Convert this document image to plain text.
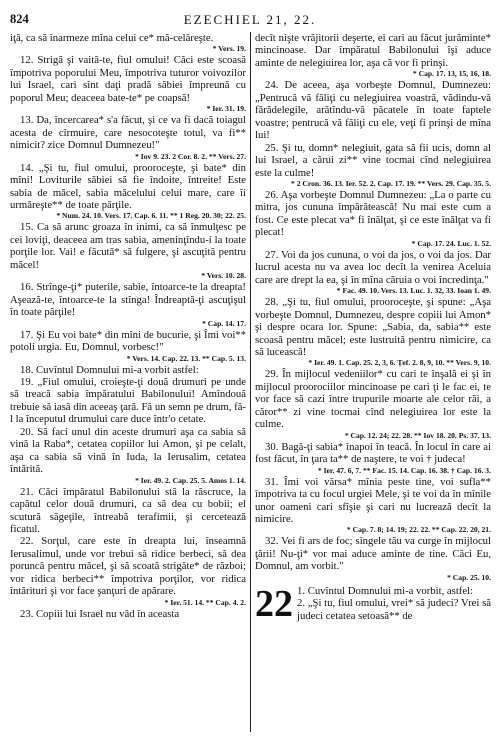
824	EZECHIEL 21, 22.

iţă, ca să înarmeze mîna celui ce* mă-celăreşte.
* Vers. 19.

12. Strigă şi vaită-te, fiul omului! Căci este scoasă împotriva poporului Meu, împotriva tuturor voivozilor lui Israel, cari sînt daţi pradă săbiei împreună cu poporul Meu; deaceea bate-te* pe coapsă!
* Ier. 31. 19.

13. Da, încercarea* s'a făcut, şi ce va fi dacă toiagul acesta de cîrmuire, care nesocoteşte totul, va fi** nimicit? zice Domnul Dumnezeu!"
* Iov 9. 23. 2 Cor. 8. 2. ** Vers. 27.

14. „Şi tu, fiul omului, prooroceşte, şi bate* din mîni! Loviturile săbiei să fie îndoite, întreite! Este sabia de măcel, sabia măcelului celui mare, care îi urmăreşte** de toate părţile.
* Num. 24. 10. Vers. 17. Cap. 6. 11. ** 1 Reg. 20. 30; 22. 25.

15. Ca să arunc groaza în inimi, ca să înmulţesc pe cei loviţi, deaceea am tras sabia, ameninţîndu-i la toate porţile lor. Vai! e făcută* să fulgere, şi ascuţită pentru măcel!
* Vers. 10. 28.

16. Strînge-ţi* puterile, sabie, întoarce-te la dreapta! Aşează-te, întoarce-te la stînga! Îndreaptă-ţi ascuţişul în toate părţile!
* Cap. 14. 17.

17. Şi Eu voi bate* din mîni de bucurie, şi Îmi voi** potoli urgia. Eu, Domnul, vorbesc!"
* Vers. 14. Cap. 22. 13. ** Cap. 5. 13.

18. Cuvîntul Domnului mi-a vorbit astfel:

19. „Fiul omului, croieşte-ţi două drumuri pe unde să treacă sabia împăratului Babilonului! Amîndouă trebuie să iasă din aceeaş ţară. Fă un semn pe drum, fă-l la începutul drumului care duce într'o cetate.

20. Să faci unul din aceste drumuri aşa ca sabia să vină la Raba*, cetatea copiilor lui Amon, şi pe celalt, aşa ca sabia să vină în Iuda, la Ierusalim, cetatea întărită.
* Ier. 49. 2. Cap. 25. 5. Amos 1. 14.

21. Căci împăratul Babilonului stă la răscruce, la capătul celor două drumuri, ca să dea cu bobii; el scutură săgeţile, întreabă terafimii, şi cercetează ficatul.

22. Sorţul, care este în dreapta lui, înseamnă Ierusalimul, unde vor trebui să ridice berbeci, să dea poruncă pentru măcel, şi să scoată strigăte* de război; vor ridica berbeci** împotriva porţilor, vor ridica întărituri şi vor face şanţuri de apărare.
* Ier. 51. 14. ** Cap. 4. 2.

23. Copiii lui Israel nu văd în aceasta

decît nişte vrăjitorii deşerte, ei cari au făcut jurăminte* mincinoase. Dar împăratul Babilonului îşi aduce aminte de nelegiuirea lor, aşa că vor fi prinşi.
* Cap. 17. 13, 15, 16, 18.

24. De aceea, aşa vorbeşte Domnul, Dumnezeu: „Pentrucă vă făliţi cu nelegiuirea voastră, vădindu-vă fărădelegile, arătîndu-vă păcatele în toate faptele voastre; pentrucă vă făliţi cu ele, veţi fi prinşi de mîna lui!

25. Şi tu, domn* nelegiuit, gata să fii ucis, domn al lui Israel, a cărui zi** vine tocmai cînd nelegiuirea este la culme!
* 2 Cron. 36. 13. Ier. 52. 2. Cap. 17. 19. ** Vers. 29. Cap. 35. 5.

26. Aşa vorbeşte Domnul Dumnezeu: „La o parte cu mitra, jos cununa împărătească! Nu mai este cum a fost. Ce este plecat va* fi înălţat, şi ce este înălţat va fi plecat!
* Cap. 17. 24. Luc. 1. 52.

27. Voi da jos cununa, o voi da jos, o voi da jos. Dar lucrul acesta nu va avea loc decît la venirea Aceluia care are drept la ea, şi în mîna căruia o voi încredinţa."
* Fac. 49. 10. Vers. 13. Luc. 1. 32, 33. Ioan 1. 49.

28. „Şi tu, fiul omului, prooroceşte, şi spune: „Aşa vorbeşte Domnul, Dumnezeu, despre copiii lui Amon* şi despre ocara lor. Spune: „Sabia, da, sabia** este scoasă pentru măcel; este lustruită pentru nimicire, ca să lucească!
* Ier. 49. 1. Cap. 25. 2, 3, 6. Țef. 2. 8, 9, 10. ** Vers. 9, 10.

29. În mijlocul vedeniilor* cu cari te înşală ei şi în mijlocul proorociilor mincinoase pe cari ţi le fac ei, te vor face să cazi între trupurile moarte ale celor răi, a căror** zi vine tocmai cînd nelegiuirea lor este la culme.
* Cap. 12. 24; 22. 28. ** Iov 18. 20. Ps. 37. 13.

30. Bagă-ţi sabia* înapoi în teacă. În locul în care ai fost făcut, în ţara ta** de naştere, te voi † judeca!
* Ier. 47. 6, 7. ** Fac. 15. 14. Cap. 16. 38. † Cap. 16. 3.

31. Îmi voi vărsa* mînia peste tine, voi sufla** împotriva ta cu focul urgiei Mele, şi te voi da în mînile unor oameni cari sfîşie şi cari nu lucrează decît la nimicire.
* Cap. 7. 8; 14. 19; 22. 22. ** Cap. 22. 20, 21.

32. Vei fi ars de foc; sîngele tău va curge în mijlocul ţării! Nu-ţi* vor mai aduce aminte de tine. Căci Eu, Domnul, am vorbit."
* Cap. 25. 10.

22 1. Cuvîntul Domnului mi-a vorbit, astfel:
2. „Şi tu, fiul omului, vrei* să judeci? Vrei să judeci cetatea setoasă** de
